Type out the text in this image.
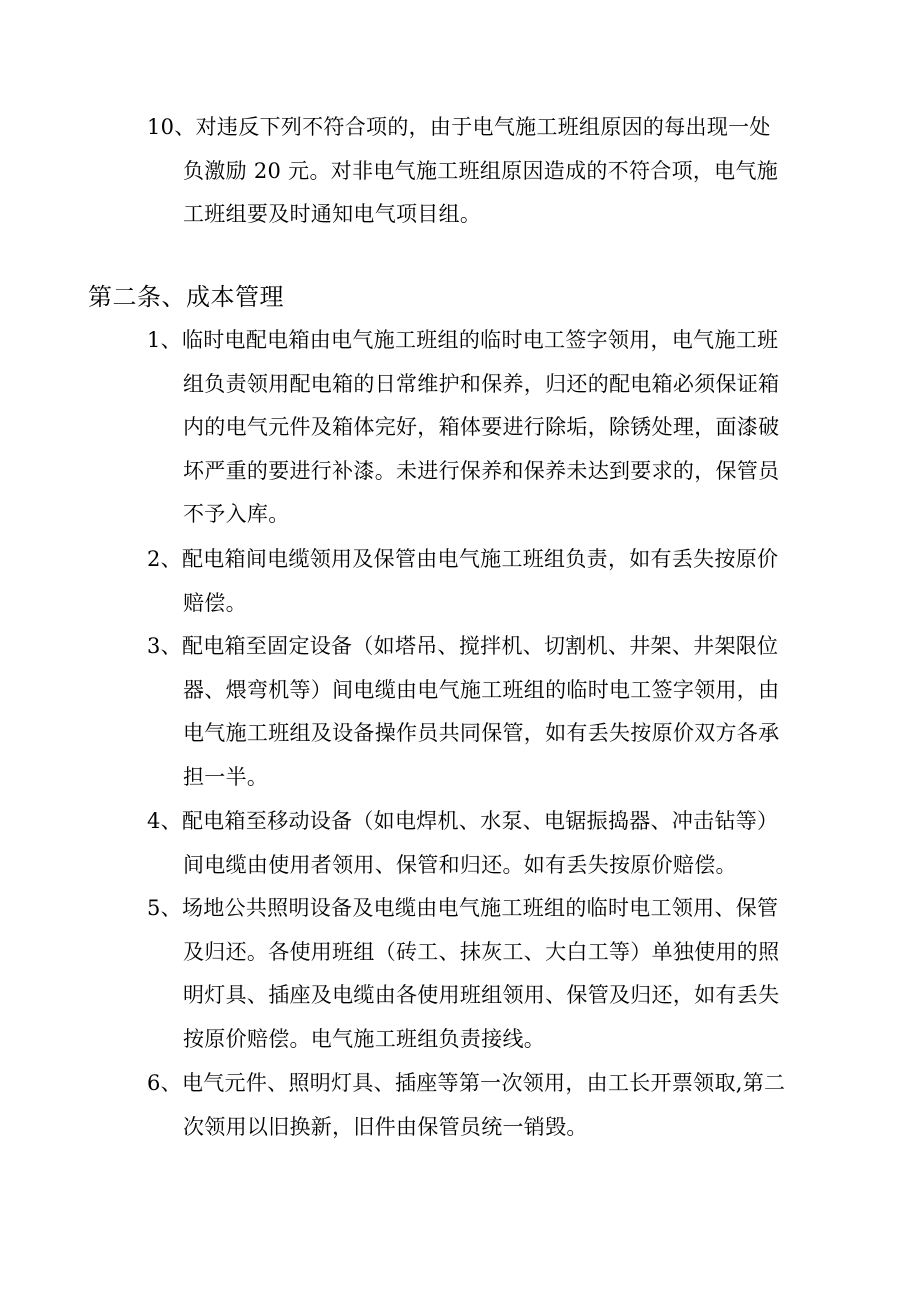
10、对违反下列不符合项的，由于电气施工班组原因的每出现一处
负激励 20 元。对非电气施工班组原因造成的不符合项，电气施
工班组要及时通知电气项目组。

第二条、成本管理

1、临时电配电箱由电气施工班组的临时电工签字领用，电气施工班
组负责领用配电箱的日常维护和保养，归还的配电箱必须保证箱
内的电气元件及箱体完好，箱体要进行除垢，除锈处理，面漆破
坏严重的要进行补漆。未进行保养和保养未达到要求的，保管员
不予入库。

2、配电箱间电缆领用及保管由电气施工班组负责，如有丢失按原价
赔偿。

3、配电箱至固定设备（如塔吊、搅拌机、切割机、井架、井架限位
器、煨弯机等）间电缆由电气施工班组的临时电工签字领用，由
电气施工班组及设备操作员共同保管，如有丢失按原价双方各承
担一半。

4、配电箱至移动设备（如电焊机、水泵、电锯振捣器、冲击钻等）
间电缆由使用者领用、保管和归还。如有丢失按原价赔偿。

5、场地公共照明设备及电缆由电气施工班组的临时电工领用、保管
及归还。各使用班组（砖工、抹灰工、大白工等）单独使用的照
明灯具、插座及电缆由各使用班组领用、保管及归还，如有丢失
按原价赔偿。电气施工班组负责接线。

6、电气元件、照明灯具、插座等第一次领用，由工长开票领取,第二
次领用以旧换新，旧件由保管员统一销毁。
